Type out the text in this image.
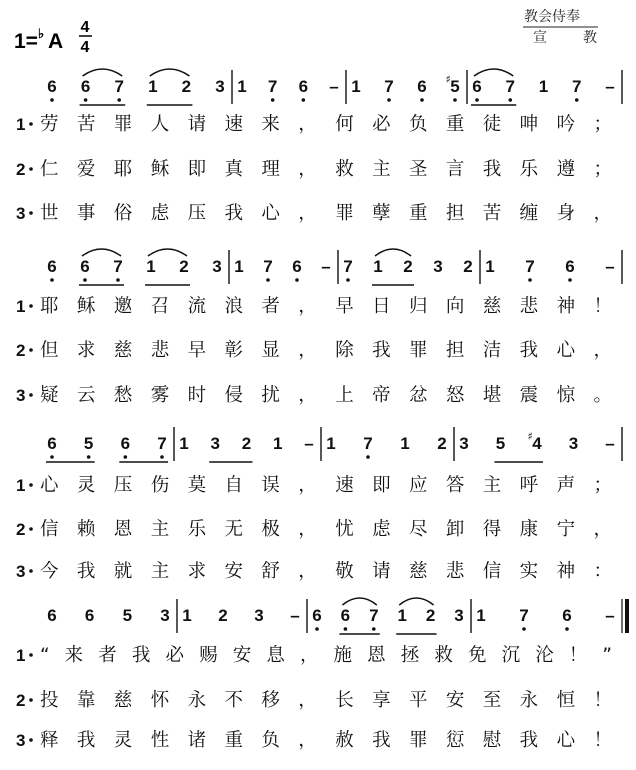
1= ♭ A
4
4
教会侍奉
宣	教
6 6 7 1 2 3 1 7 6 – 1 7 6 5
♯ 6 7 1 7 –
1 劳苦罪人请速来，何必负重徒呻吟；
2 仁爱耶稣即真理，救主圣言我乐遵；
3 世事俗虑压我心，罪孽重担苦缠身，
6 6 7 1 2 3 1 7 6 – 7 1 2 3 2 1 7 6 –
1 耶稣邀召流浪者，早日归向慈悲神！
2 但求慈悲早彰显，除我罪担洁我心，
3 疑云愁雾时侵扰，上帝忿怒堪震惊。
6 5 6 7 1 3 2 1 – 1 7 1 2 3 5 4
♯ 3 –
1 心灵压伤莫自误，速即应答主呼声；
2 信赖恩主乐无极，忧虑尽卸得康宁，
3 今我就主求安舒，敬请慈悲信实神：
6 6 5 3 1 2 3 – 6 6 7 1 2 3 1 7 6 –
1 “来者我必赐安息，施恩拯救免沉沦！”
2 投靠慈怀永不移，长享平安至永恒！
3 释我灵性诸重负，赦我罪愆慰我心！
